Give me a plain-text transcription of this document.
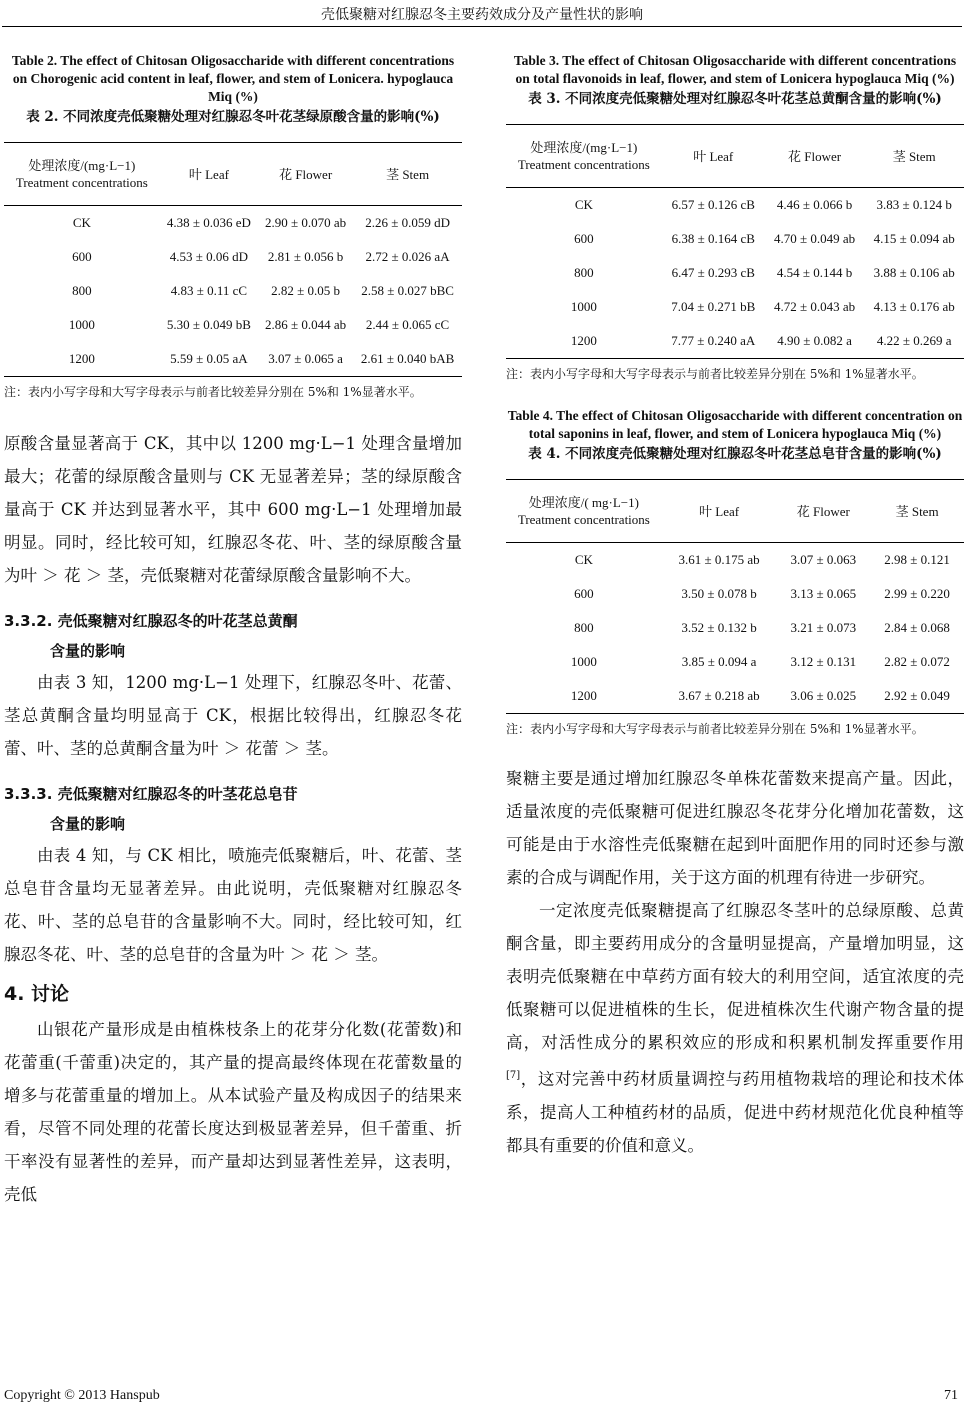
壳低聚糖对红腺忍冬主要药效成分及产量性状的影响
Table 2. The effect of Chitosan Oligosaccharide with different concentrations on Chorogenic acid content in leaf, flower, and stem of Lonicera. hypoglauca Miq (%)
表 2. 不同浓度壳低聚糖处理对红腺忍冬叶花茎绿原酸含量的影响(%)
处理浓度/(mg·L−1) Treatment concentrations	叶 Leaf	花 Flower	茎 Stem
CK	4.38 ± 0.036 eD	2.90 ± 0.070 ab	2.26 ± 0.059 dD
600	4.53 ± 0.06 dD	2.81 ± 0.056 b	2.72 ± 0.026 aA
800	4.83 ± 0.11 cC	2.82 ± 0.05 b	2.58 ± 0.027 bBC
1000	5.30 ± 0.049 bB	2.86 ± 0.044 ab	2.44 ± 0.065 cC
1200	5.59 ± 0.05 aA	3.07 ± 0.065 a	2.61 ± 0.040 bAB
注：表内小写字母和大写字母表示与前者比较差异分别在 5%和 1%显著水平。

原酸含量显著高于 CK，其中以 1200 mg·L−1 处理含量增加最大；花蕾的绿原酸含量则与 CK 无显著差异；茎的绿原酸含量高于 CK 并达到显著水平，其中 600 mg·L−1 处理增加最明显。同时，经比较可知，红腺忍冬花、叶、茎的绿原酸含量为叶 ＞ 花 ＞ 茎，壳低聚糖对花蕾绿原酸含量影响不大。

3.3.2. 壳低聚糖对红腺忍冬的叶花茎总黄酮
含量的影响

由表 3 知，1200 mg·L−1 处理下，红腺忍冬叶、花蕾、茎总黄酮含量均明显高于 CK，根据比较得出，红腺忍冬花蕾、叶、茎的总黄酮含量为叶 ＞ 花蕾 ＞ 茎。

3.3.3. 壳低聚糖对红腺忍冬的叶茎花总皂苷
含量的影响

由表 4 知，与 CK 相比，喷施壳低聚糖后，叶、花蕾、茎总皂苷含量均无显著差异。由此说明，壳低聚糖对红腺忍冬花、叶、茎的总皂苷的含量影响不大。同时，经比较可知，红腺忍冬花、叶、茎的总皂苷的含量为叶 ＞ 花 ＞ 茎。

4. 讨论

山银花产量形成是由植株枝条上的花芽分化数(花蕾数)和花蕾重(千蕾重)决定的，其产量的提高最终体现在花蕾数量的增多与花蕾重量的增加上。从本试验产量及构成因子的结果来看，尽管不同处理的花蕾长度达到极显著差异，但千蕾重、折干率没有显著性的差异，而产量却达到显著性差异，这表明，壳低

Table 3. The effect of Chitosan Oligosaccharide with different concentrations on total flavonoids in leaf, flower, and stem of Lonicera hypoglauca Miq (%)
表 3. 不同浓度壳低聚糖处理对红腺忍冬叶花茎总黄酮含量的影响(%)
处理浓度/(mg·L−1) Treatment concentrations	叶 Leaf	花 Flower	茎 Stem
CK	6.57 ± 0.126 cB	4.46 ± 0.066 b	3.83 ± 0.124 b
600	6.38 ± 0.164 cB	4.70 ± 0.049 ab	4.15 ± 0.094 ab
800	6.47 ± 0.293 cB	4.54 ± 0.144 b	3.88 ± 0.106 ab
1000	7.04 ± 0.271 bB	4.72 ± 0.043 ab	4.13 ± 0.176 ab
1200	7.77 ± 0.240 aA	4.90 ± 0.082 a	4.22 ± 0.269 a
注：表内小写字母和大写字母表示与前者比较差异分别在 5%和 1%显著水平。
Table 4. The effect of Chitosan Oligosaccharide with different concentration on total saponins in leaf, flower, and stem of Lonicera hypoglauca Miq (%)
表 4. 不同浓度壳低聚糖处理对红腺忍冬叶花茎总皂苷含量的影响(%)
处理浓度/( mg·L−1) Treatment concentrations	叶 Leaf	花 Flower	茎 Stem
CK	3.61 ± 0.175 ab	3.07 ± 0.063	2.98 ± 0.121
600	3.50 ± 0.078 b	3.13 ± 0.065	2.99 ± 0.220
800	3.52 ± 0.132 b	3.21 ± 0.073	2.84 ± 0.068
1000	3.85 ± 0.094 a	3.12 ± 0.131	2.82 ± 0.072
1200	3.67 ± 0.218 ab	3.06 ± 0.025	2.92 ± 0.049
注：表内小写字母和大写字母表示与前者比较差异分别在 5%和 1%显著水平。

聚糖主要是通过增加红腺忍冬单株花蕾数来提高产量。因此，适量浓度的壳低聚糖可促进红腺忍冬花芽分化增加花蕾数，这可能是由于水溶性壳低聚糖在起到叶面肥作用的同时还参与激素的合成与调配作用，关于这方面的机理有待进一步研究。

一定浓度壳低聚糖提高了红腺忍冬茎叶的总绿原酸、总黄酮含量，即主要药用成分的含量明显提高，产量增加明显，这表明壳低聚糖在中草药方面有较大的利用空间，适宜浓度的壳低聚糖可以促进植株的生长，促进植株次生代谢产物含量的提高，对活性成分的累积效应的形成和积累机制发挥重要作用[7]，这对完善中药材质量调控与药用植物栽培的理论和技术体系，提高人工种植药材的品质，促进中药材规范化优良种植等都具有重要的价值和意义。

Copyright © 2013 Hanspub	71
